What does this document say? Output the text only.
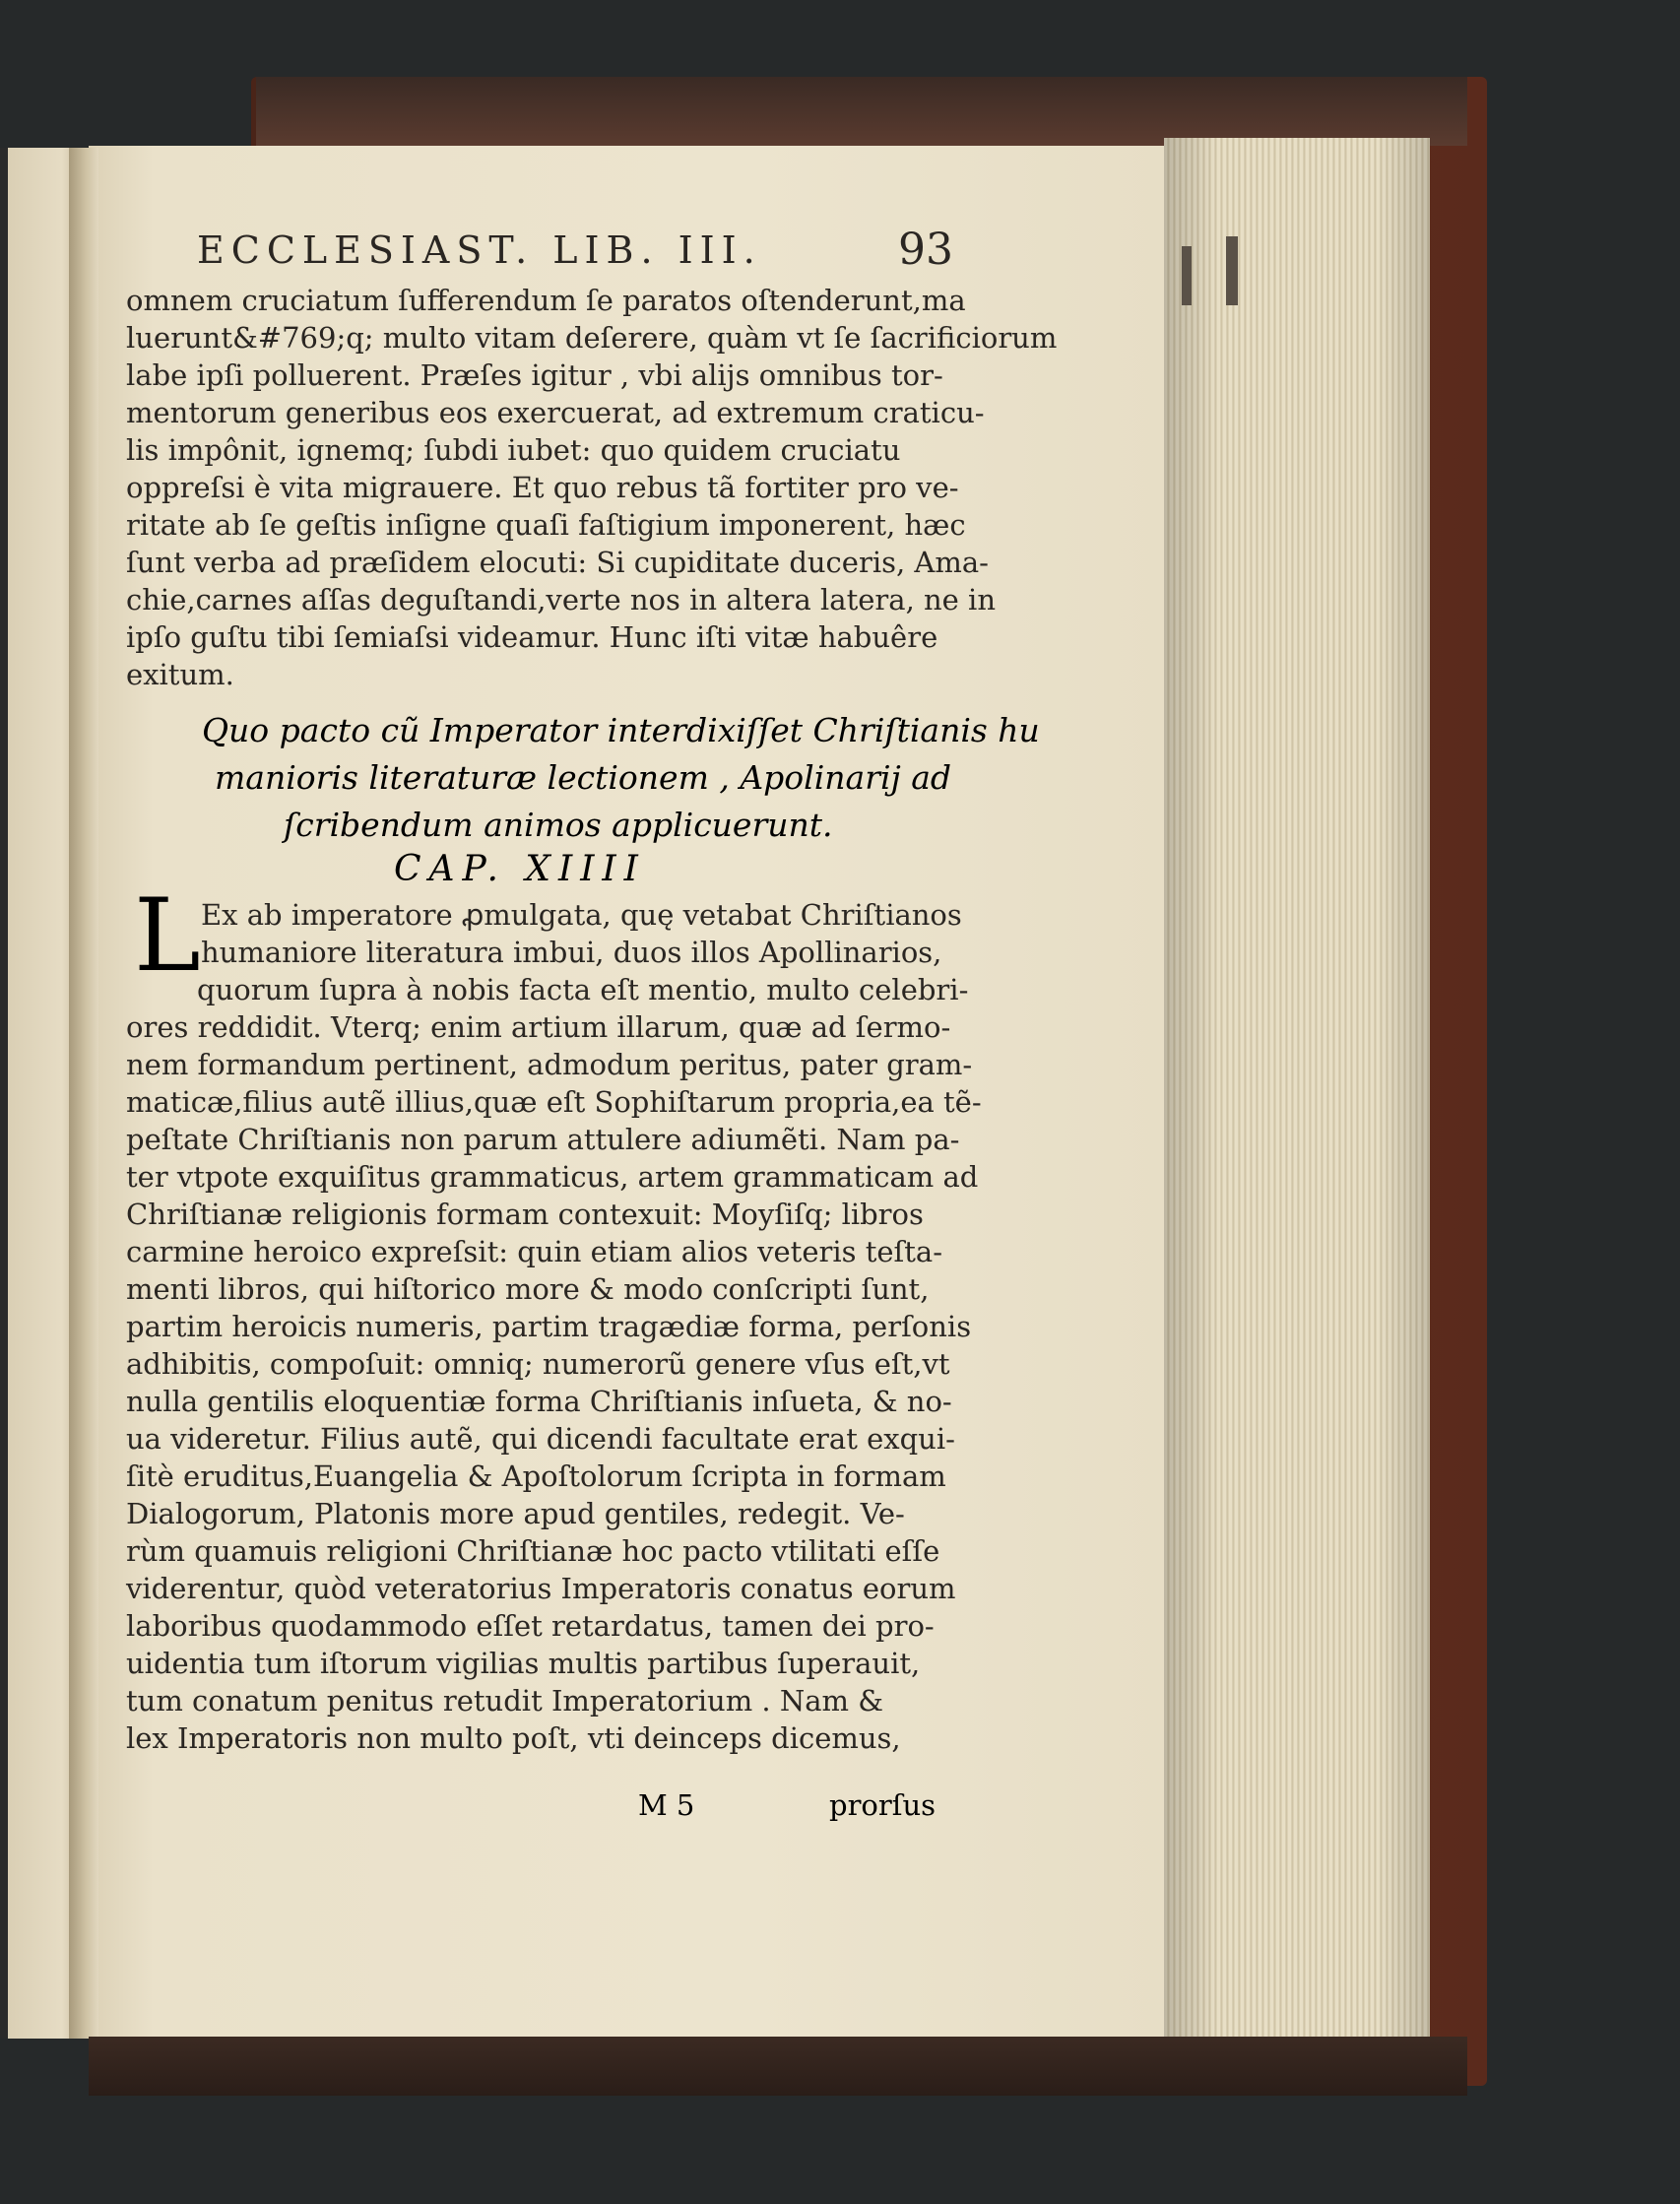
ECCLESIAST. LIB. III.	93
omnem cruciatum ſufferendum ſe paratos oſtenderunt,ma
luerunt&#769;q; multo vitam deſerere, quàm vt ſe ſacrificiorum
labe ipſi polluerent. Præſes igitur , vbi alijs omnibus tor-
mentorum generibus eos exercuerat, ad extremum craticu-
lis impônit, ignemq; ſubdi iubet: quo quidem cruciatu
oppreſsi è vita migrauere. Et quo rebus tã fortiter pro ve-
ritate ab ſe geſtis inſigne quaſi faſtigium imponerent, hæc
ſunt verba ad præſidem elocuti: Si cupiditate duceris, Ama-
chie,carnes aſſas deguſtandi,verte nos in altera latera, ne in
ipſo guſtu tibi ſemiaſsi videamur. Hunc iſti vitæ habuêre
exitum.
Quo pacto cũ Imperator interdixiſſet Chriſtianis hu
manioris literaturæ lectionem , Apolinarij ad
ſcribendum animos applicuerunt.
CAP. XIIII
L Ex ab imperatore ꝓmulgata, quę vetabat Chriſtianos
humaniore literatura imbui, duos illos Apollinarios,
quorum ſupra à nobis facta eſt mentio, multo celebri-
ores reddidit. Vterq; enim artium illarum, quæ ad ſermo-
nem formandum pertinent, admodum peritus, pater gram-
maticæ,filius autẽ illius,quæ eſt Sophiſtarum propria,ea tẽ-
peſtate Chriſtianis non parum attulere adiumẽti. Nam pa-
ter vtpote exquiſitus grammaticus, artem grammaticam ad
Chriſtianæ religionis formam contexuit: Moyſiſq; libros
carmine heroico expreſsit: quin etiam alios veteris teſta-
menti libros, qui hiſtorico more & modo conſcripti ſunt,
partim heroicis numeris, partim tragædiæ forma, perſonis
adhibitis, compoſuit: omniq; numerorũ genere vſus eſt,vt
nulla gentilis eloquentiæ forma Chriſtianis inſueta, & no-
ua videretur. Filius autẽ, qui dicendi facultate erat exqui-
ſitè eruditus,Euangelia & Apoſtolorum ſcripta in formam
Dialogorum, Platonis more apud gentiles, redegit. Ve-
rùm quamuis religioni Chriſtianæ hoc pacto vtilitati eſſe
viderentur, quòd veteratorius Imperatoris conatus eorum
laboribus quodammodo eſſet retardatus, tamen dei pro-
uidentia tum iſtorum vigilias multis partibus ſuperauit,
tum conatum penitus retudit Imperatorium . Nam &
lex Imperatoris non multo poſt, vti deinceps dicemus,
M 5	prorſus
